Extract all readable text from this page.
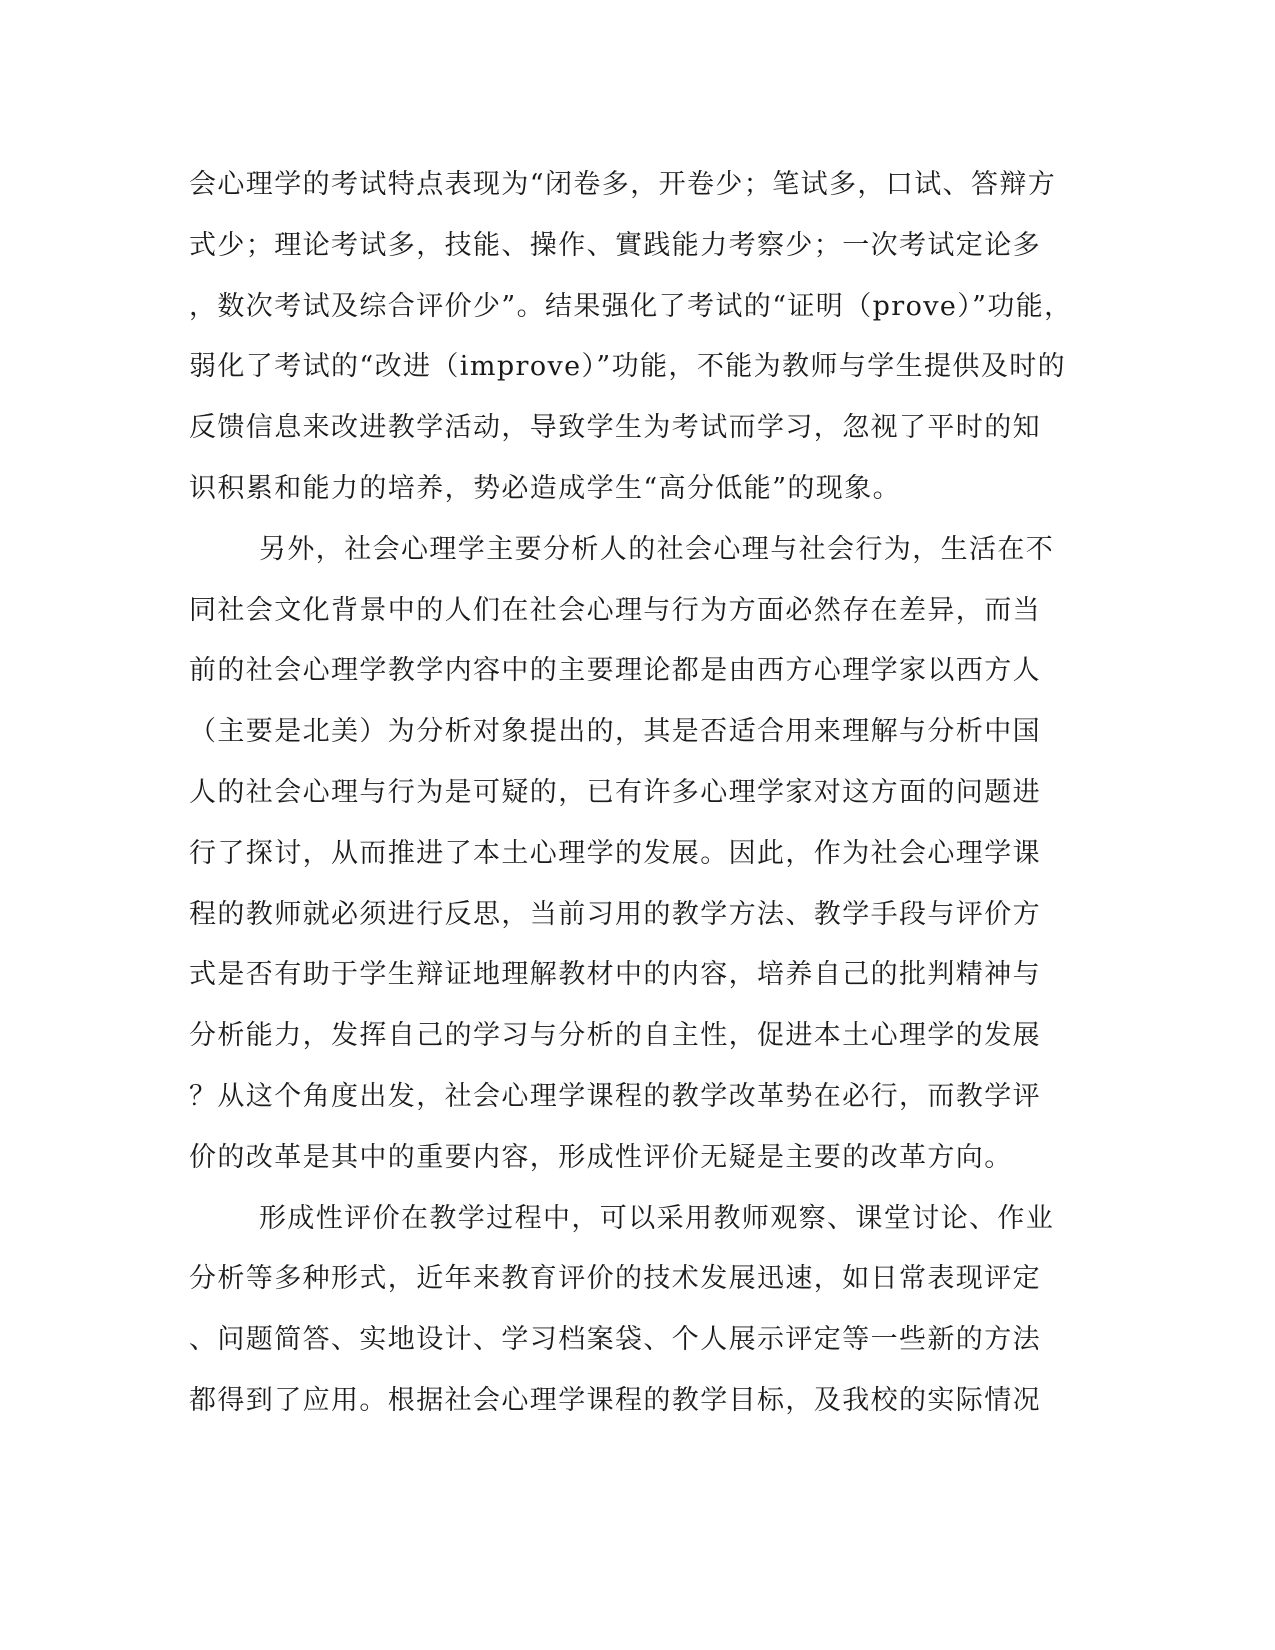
会心理学的考试特点表现为“闭卷多，开卷少；笔试多，口试、答辩方
式少；理论考试多，技能、操作、實践能力考察少；一次考试定论多
，数次考试及综合评价少”。结果强化了考试的“证明（prove）”功能，
弱化了考试的“改进（improve）”功能，不能为教师与学生提供及时的
反馈信息来改进教学活动，导致学生为考试而学习，忽视了平时的知
识积累和能力的培养，势必造成学生“高分低能”的现象。
另外，社会心理学主要分析人的社会心理与社会行为，生活在不
同社会文化背景中的人们在社会心理与行为方面必然存在差异，而当
前的社会心理学教学内容中的主要理论都是由西方心理学家以西方人
（主要是北美）为分析对象提出的，其是否适合用来理解与分析中国
人的社会心理与行为是可疑的，已有许多心理学家对这方面的问题进
行了探讨，从而推进了本土心理学的发展。因此，作为社会心理学课
程的教师就必须进行反思，当前习用的教学方法、教学手段与评价方
式是否有助于学生辩证地理解教材中的内容，培养自己的批判精神与
分析能力，发挥自己的学习与分析的自主性，促进本土心理学的发展
？从这个角度出发，社会心理学课程的教学改革势在必行，而教学评
价的改革是其中的重要内容，形成性评价无疑是主要的改革方向。
形成性评价在教学过程中，可以采用教师观察、课堂讨论、作业
分析等多种形式，近年来教育评价的技术发展迅速，如日常表现评定
、问题简答、实地设计、学习档案袋、个人展示评定等一些新的方法
都得到了应用。根据社会心理学课程的教学目标，及我校的实际情况
